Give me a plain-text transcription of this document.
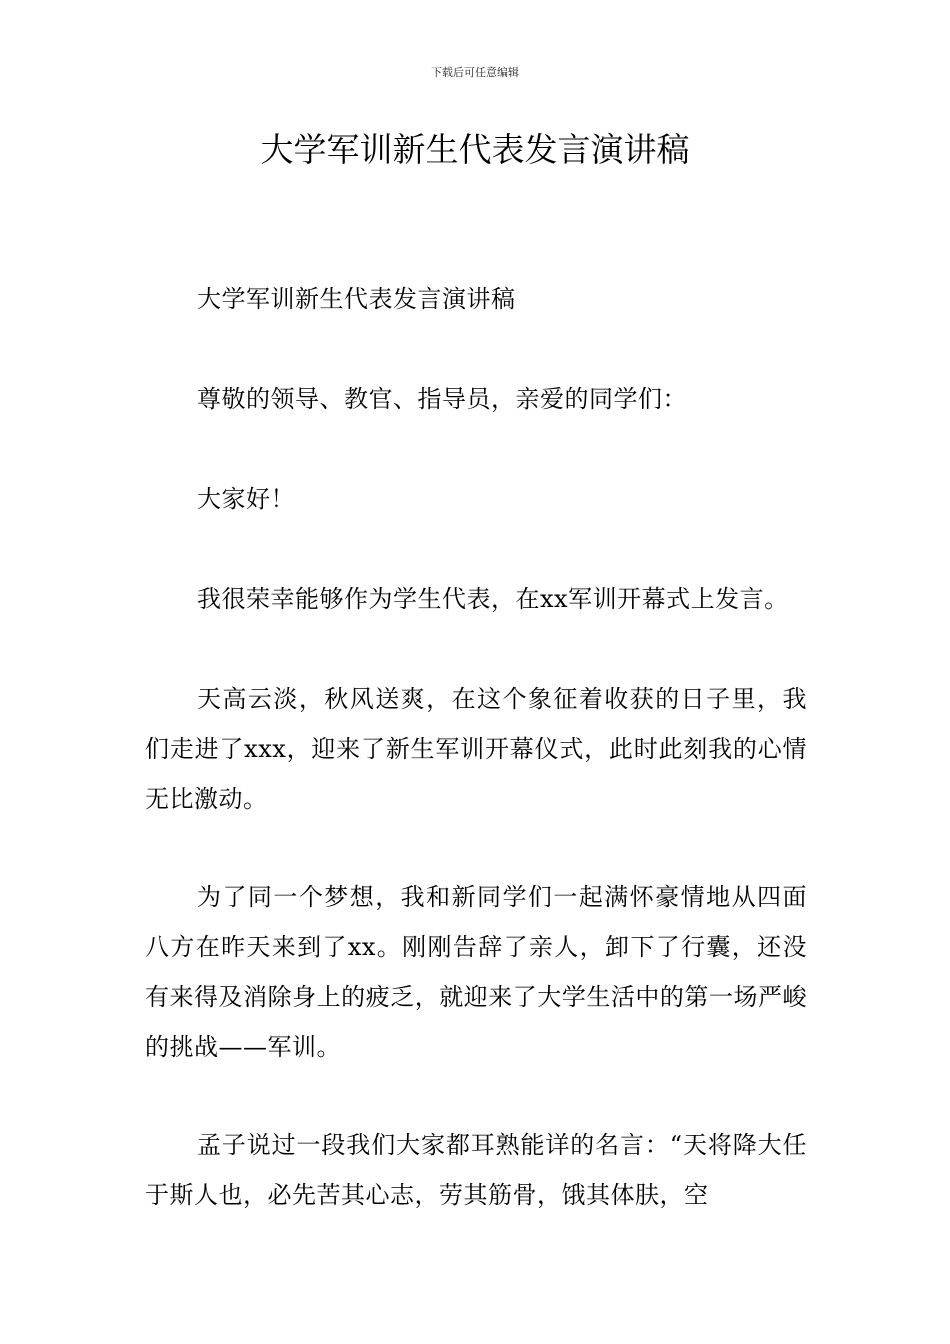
下载后可任意编辑
大学军训新生代表发言演讲稿

大学军训新生代表发言演讲稿

尊敬的领导、教官、指导员，亲爱的同学们：

大家好！

我很荣幸能够作为学生代表，在xx军训开幕式上发言。

天高云淡，秋风送爽，在这个象征着收获的日子里，我们走进了xxx，迎来了新生军训开幕仪式，此时此刻我的心情无比激动。

为了同一个梦想，我和新同学们一起满怀豪情地从四面八方在昨天来到了xx。刚刚告辞了亲人，卸下了行囊，还没有来得及消除身上的疲乏，就迎来了大学生活中的第一场严峻的挑战——军训。

孟子说过一段我们大家都耳熟能详的名言：“天将降大任于斯人也，必先苦其心志，劳其筋骨，饿其体肤，空
